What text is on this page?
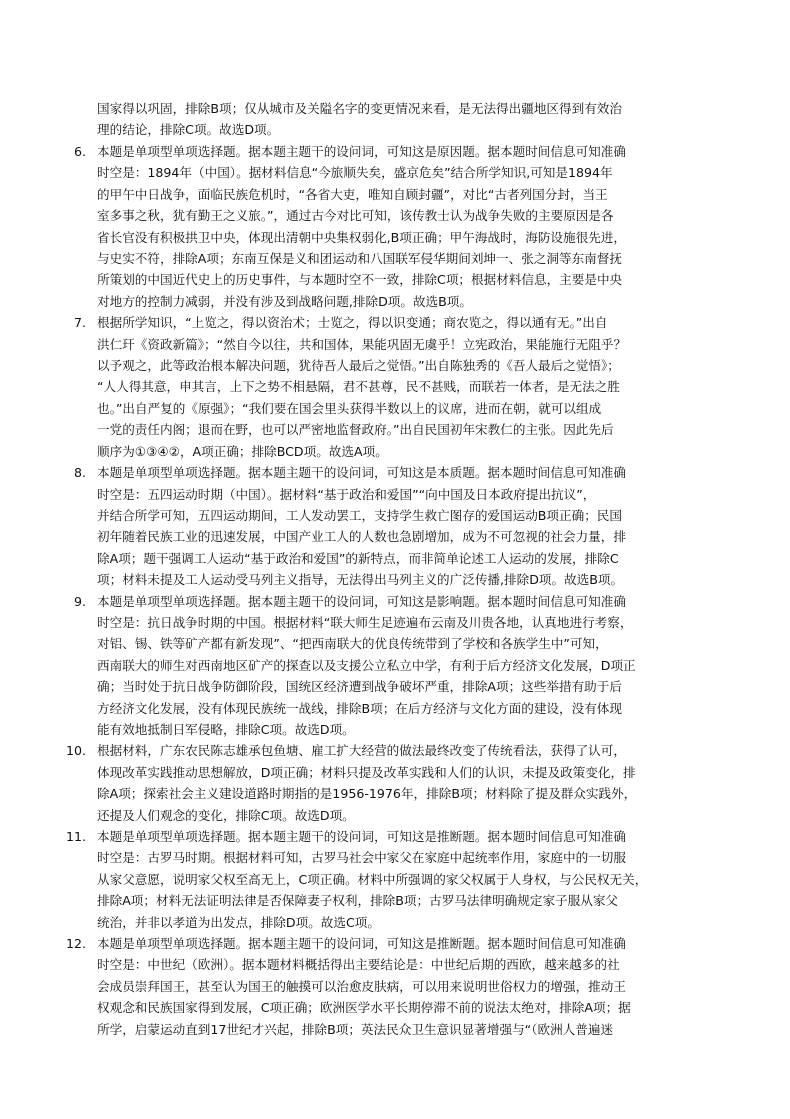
国家得以巩固，排除B项；仅从城市及关隘名字的变更情况来看，是无法得出疆地区得到有效治
理的结论，排除C项。故选D项。

6. 本题是单项型单项选择题。据本题主题干的设问词，可知这是原因题。据本题时间信息可知准确
时空是：1894年（中国）。据材料信息“今旅顺失矣，盛京危矣”结合所学知识,可知是1894年
的甲午中日战争，面临民族危机时，“各省大吏，唯知自顾封疆”，对比“古者列国分封，当王
室多事之秋，犹有勤王之义旅。”，通过古今对比可知，该传教士认为战争失败的主要原因是各
省长官没有积极拱卫中央，体现出清朝中央集权弱化,B项正确；甲午海战时，海防设施很先进，
与史实不符，排除A项；东南互保是义和团运动和八国联军侵华期间刘坤一、张之洞等东南督抚
所策划的中国近代史上的历史事件，与本题时空不一致，排除C项；根据材料信息，主要是中央
对地方的控制力减弱，并没有涉及到战略问题,排除D项。故选B项。
7. 根据所学知识，“上览之，得以资治术；士览之，得以识变通；商农览之，得以通有无。”出自
洪仁玕《资政新篇》；“然自今以往，共和国体，果能巩固无虞乎！立宪政治，果能施行无阻乎？
以予观之，此等政治根本解决问题，犹待吾人最后之觉悟。”出自陈独秀的《吾人最后之觉悟》；
“人人得其意，申其言，上下之势不相悬隔，君不甚尊，民不甚贱，而联若一体者，是无法之胜
也。”出自严复的《原强》；“我们要在国会里头获得半数以上的议席，进而在朝，就可以组成
一党的责任内阁；退而在野，也可以严密地监督政府。”出自民国初年宋教仁的主张。因此先后
顺序为①③④②，A项正确；排除BCD项。故选A项。
8. 本题是单项型单项选择题。据本题主题干的设问词，可知这是本质题。据本题时间信息可知准确
时空是：五四运动时期（中国）。据材料“基于政治和爱国”“向中国及日本政府提出抗议”，
并结合所学可知，五四运动期间，工人发动罢工，支持学生救亡图存的爱国运动B项正确；民国
初年随着民族工业的迅速发展，中国产业工人的人数也急剧增加，成为不可忽视的社会力量，排
除A项；题干强调工人运动“基于政治和爱国”的新特点，而非简单论述工人运动的发展，排除C
项；材料未提及工人运动受马列主义指导，无法得出马列主义的广泛传播,排除D项。故选B项。
9. 本题是单项型单项选择题。据本题主题干的设问词，可知这是影响题。据本题时间信息可知准确
时空是：抗日战争时期的中国。根据材料“联大师生足迹遍布云南及川贵各地，认真地进行考察，
对铝、锡、铁等矿产都有新发现”、“把西南联大的优良传统带到了学校和各族学生中”可知，
西南联大的师生对西南地区矿产的探查以及支援公立私立中学，有利于后方经济文化发展，D项正
确；当时处于抗日战争防御阶段，国统区经济遭到战争破坏严重，排除A项；这些举措有助于后
方经济文化发展，没有体现民族统一战线，排除B项；在后方经济与文化方面的建设，没有体现
能有效地抵制日军侵略，排除C项。故选D项。
10. 根据材料，广东农民陈志雄承包鱼塘、雇工扩大经营的做法最终改变了传统看法，获得了认可，
体现改革实践推动思想解放，D项正确；材料只提及改革实践和人们的认识，未提及政策变化，排
除A项；探索社会主义建设道路时期指的是1956-1976年，排除B项；材料除了提及群众实践外，
还提及人们观念的变化，排除C项。故选D项。
11. 本题是单项型单项选择题。据本题主题干的设问词，可知这是推断题。据本题时间信息可知准确
时空是：古罗马时期。根据材料可知，古罗马社会中家父在家庭中起统率作用，家庭中的一切服
从家父意愿，说明家父权至高无上，C项正确。材料中所强调的家父权属于人身权，与公民权无关，
排除A项；材料无法证明法律是否保障妻子权利，排除B项；古罗马法律明确规定家子服从家父
统治，并非以孝道为出发点，排除D项。故选C项。
12. 本题是单项型单项选择题。据本题主题干的设问词，可知这是推断题。据本题时间信息可知准确
时空是：中世纪（欧洲）。据本题材料概括得出主要结论是：中世纪后期的西欧，越来越多的社
会成员崇拜国王，甚至认为国王的触摸可以治愈皮肤病，可以用来说明世俗权力的增强，推动王
权观念和民族国家得到发展，C项正确；欧洲医学水平长期停滞不前的说法太绝对，排除A项；据
所学，启蒙运动直到17世纪才兴起，排除B项；英法民众卫生意识显著增强与“（欧洲人普遍迷
